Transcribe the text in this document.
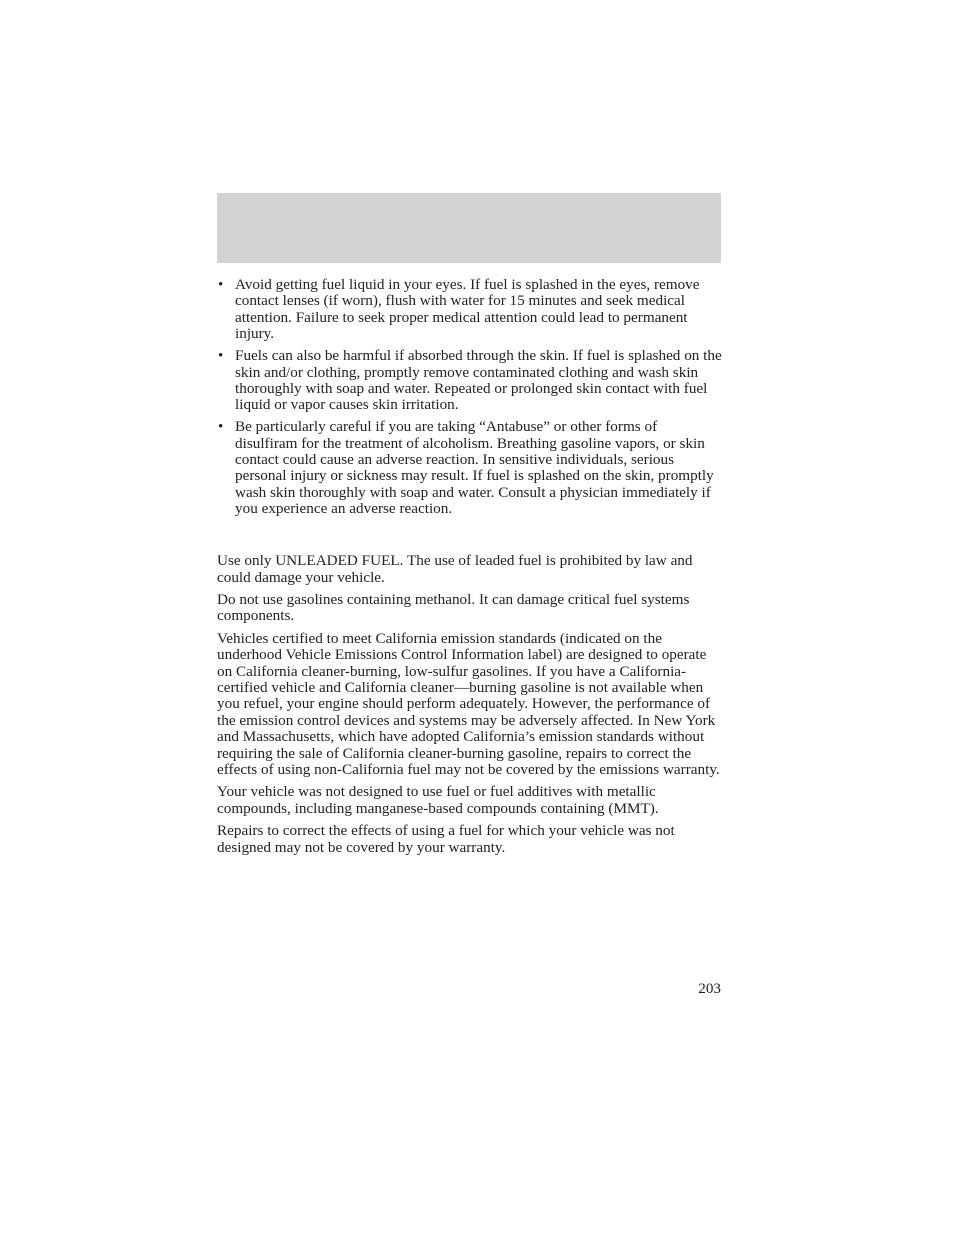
• Avoid getting fuel liquid in your eyes. If fuel is splashed in the eyes, remove contact lenses (if worn), flush with water for 15 minutes and seek medical attention. Failure to seek proper medical attention could lead to permanent injury.
• Fuels can also be harmful if absorbed through the skin. If fuel is splashed on the skin and/or clothing, promptly remove contaminated clothing and wash skin thoroughly with soap and water. Repeated or prolonged skin contact with fuel liquid or vapor causes skin irritation.
• Be particularly careful if you are taking “Antabuse” or other forms of disulfiram for the treatment of alcoholism. Breathing gasoline vapors, or skin contact could cause an adverse reaction. In sensitive individuals, serious personal injury or sickness may result. If fuel is splashed on the skin, promptly wash skin thoroughly with soap and water. Consult a physician immediately if you experience an adverse reaction.

Use only UNLEADED FUEL. The use of leaded fuel is prohibited by law and could damage your vehicle.

Do not use gasolines containing methanol. It can damage critical fuel systems components.

Vehicles certified to meet California emission standards (indicated on the underhood Vehicle Emissions Control Information label) are designed to operate on California cleaner-burning, low-sulfur gasolines. If you have a California-certified vehicle and California cleaner—burning gasoline is not available when you refuel, your engine should perform adequately. However, the performance of the emission control devices and systems may be adversely affected. In New York and Massachusetts, which have adopted California’s emission standards without requiring the sale of California cleaner-burning gasoline, repairs to correct the effects of using non-California fuel may not be covered by the emissions warranty.

Your vehicle was not designed to use fuel or fuel additives with metallic compounds, including manganese-based compounds containing (MMT).

Repairs to correct the effects of using a fuel for which your vehicle was not designed may not be covered by your warranty.

203
